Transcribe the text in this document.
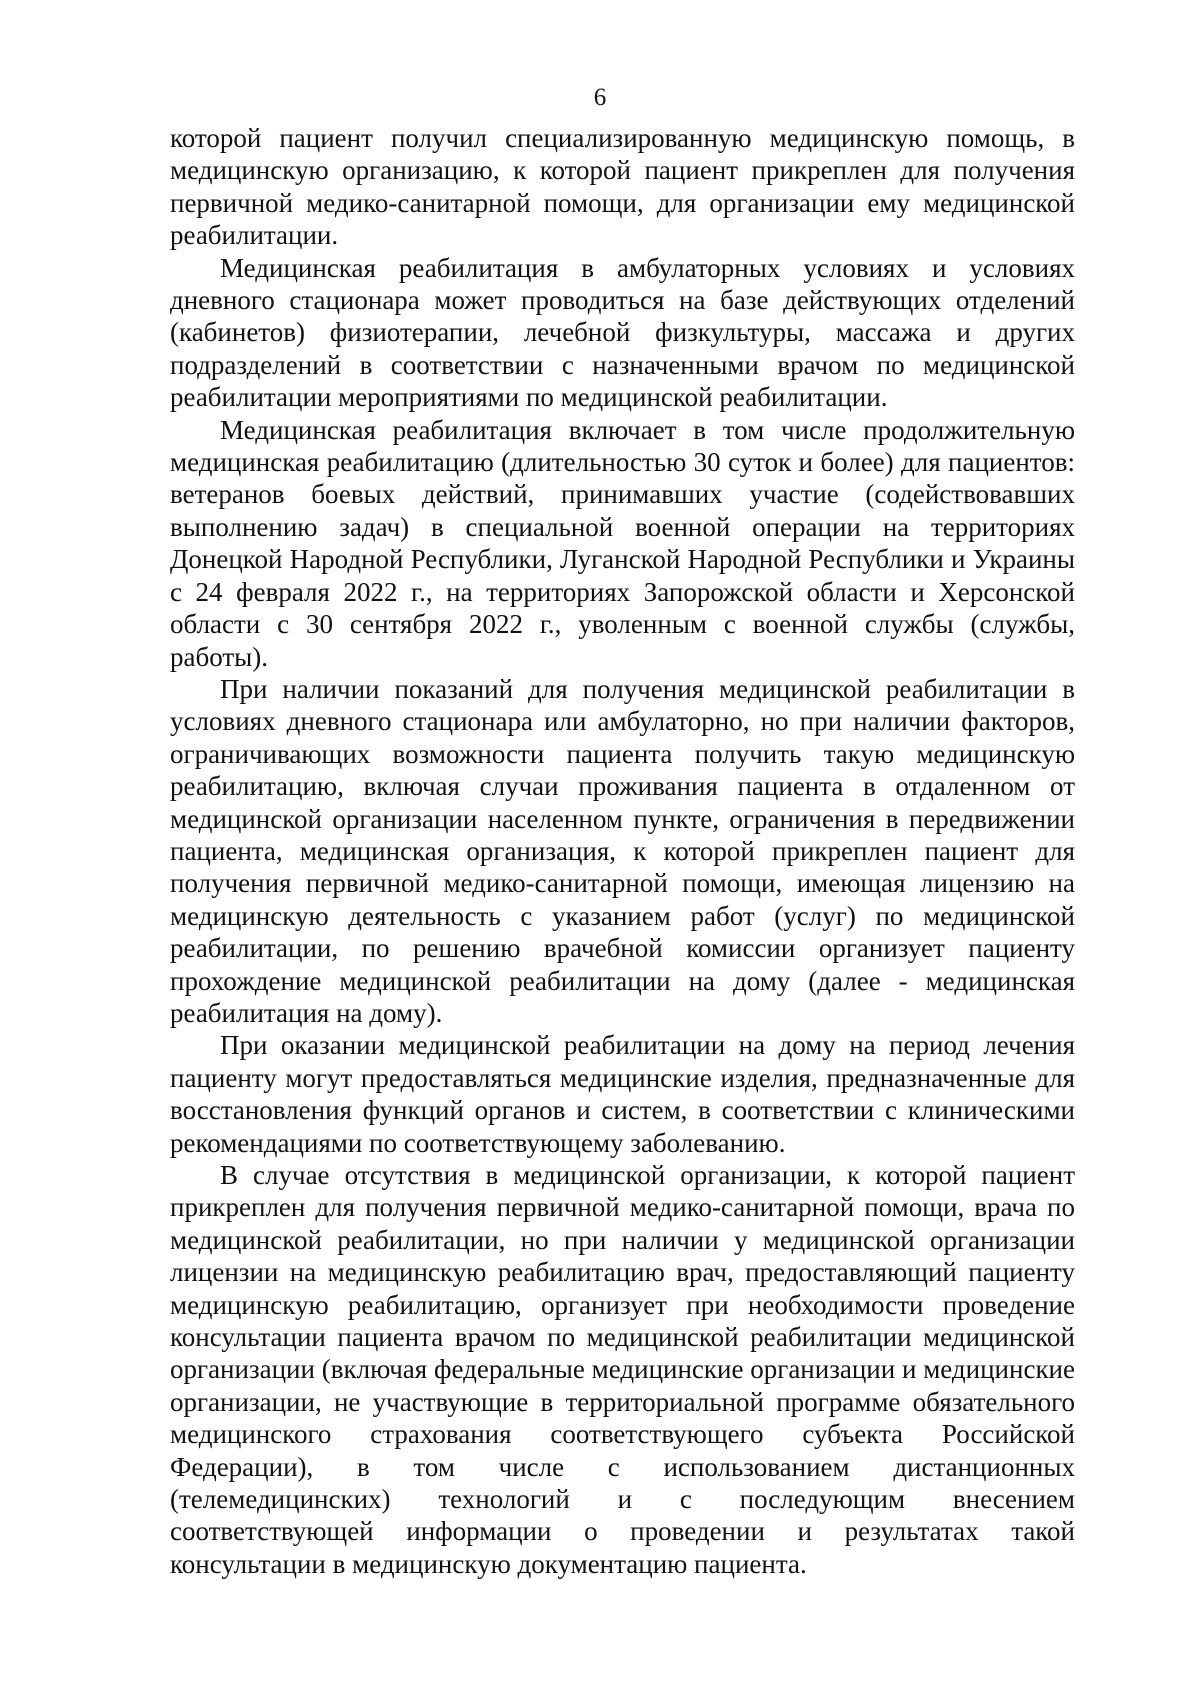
6

которой пациент получил специализированную медицинскую помощь, в медицинскую организацию, к которой пациент прикреплен для получения первичной медико-санитарной помощи, для организации ему медицинской реабилитации.

Медицинская реабилитация в амбулаторных условиях и условиях дневного стационара может проводиться на базе действующих отделений (кабинетов) физиотерапии, лечебной физкультуры, массажа и других подразделений в соответствии с назначенными врачом по медицинской реабилитации мероприятиями по медицинской реабилитации.

Медицинская реабилитация включает в том числе продолжительную медицинская реабилитацию (длительностью 30 суток и более) для пациентов: ветеранов боевых действий, принимавших участие (содействовавших выполнению задач) в специальной военной операции на территориях Донецкой Народной Республики, Луганской Народной Республики и Украины с 24 февраля 2022 г., на территориях Запорожской области и Херсонской области с 30 сентября 2022 г., уволенным с военной службы (службы, работы).

При наличии показаний для получения медицинской реабилитации в условиях дневного стационара или амбулаторно, но при наличии факторов, ограничивающих возможности пациента получить такую медицинскую реабилитацию, включая случаи проживания пациента в отдаленном от медицинской организации населенном пункте, ограничения в передвижении пациента, медицинская организация, к которой прикреплен пациент для получения первичной медико-санитарной помощи, имеющая лицензию на медицинскую деятельность с указанием работ (услуг) по медицинской реабилитации, по решению врачебной комиссии организует пациенту прохождение медицинской реабилитации на дому (далее - медицинская реабилитация на дому).

При оказании медицинской реабилитации на дому на период лечения пациенту могут предоставляться медицинские изделия, предназначенные для восстановления функций органов и систем, в соответствии с клиническими рекомендациями по соответствующему заболеванию.

В случае отсутствия в медицинской организации, к которой пациент прикреплен для получения первичной медико-санитарной помощи, врача по медицинской реабилитации, но при наличии у медицинской организации лицензии на медицинскую реабилитацию врач, предоставляющий пациенту медицинскую реабилитацию, организует при необходимости проведение консультации пациента врачом по медицинской реабилитации медицинской организации (включая федеральные медицинские организации и медицинские организации, не участвующие в территориальной программе обязательного медицинского страхования соответствующего субъекта Российской Федерации), в том числе с использованием дистанционных (телемедицинских) технологий и с последующим внесением соответствующей информации о проведении и результатах такой консультации в медицинскую документацию пациента.
